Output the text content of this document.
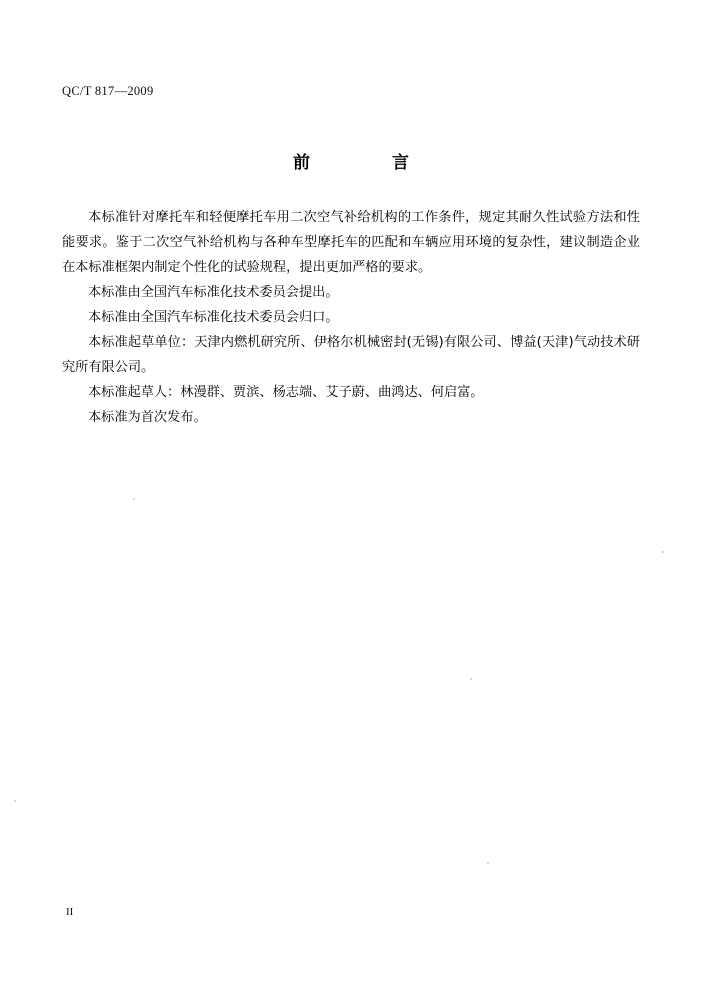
QC/T 817—2009
前　　言

本标准针对摩托车和轻便摩托车用二次空气补给机构的工作条件，规定其耐久性试验方法和性能要求。鉴于二次空气补给机构与各种车型摩托车的匹配和车辆应用环境的复杂性，建议制造企业在本标准框架内制定个性化的试验规程，提出更加严格的要求。

本标准由全国汽车标准化技术委员会提出。

本标准由全国汽车标准化技术委员会归口。

本标准起草单位：天津内燃机研究所、伊格尔机械密封(无锡)有限公司、博益(天津)气动技术研究所有限公司。

本标准起草人：林漫群、贾滨、杨志端、艾子蔚、曲鸿达、何启富。

本标准为首次发布。

II
